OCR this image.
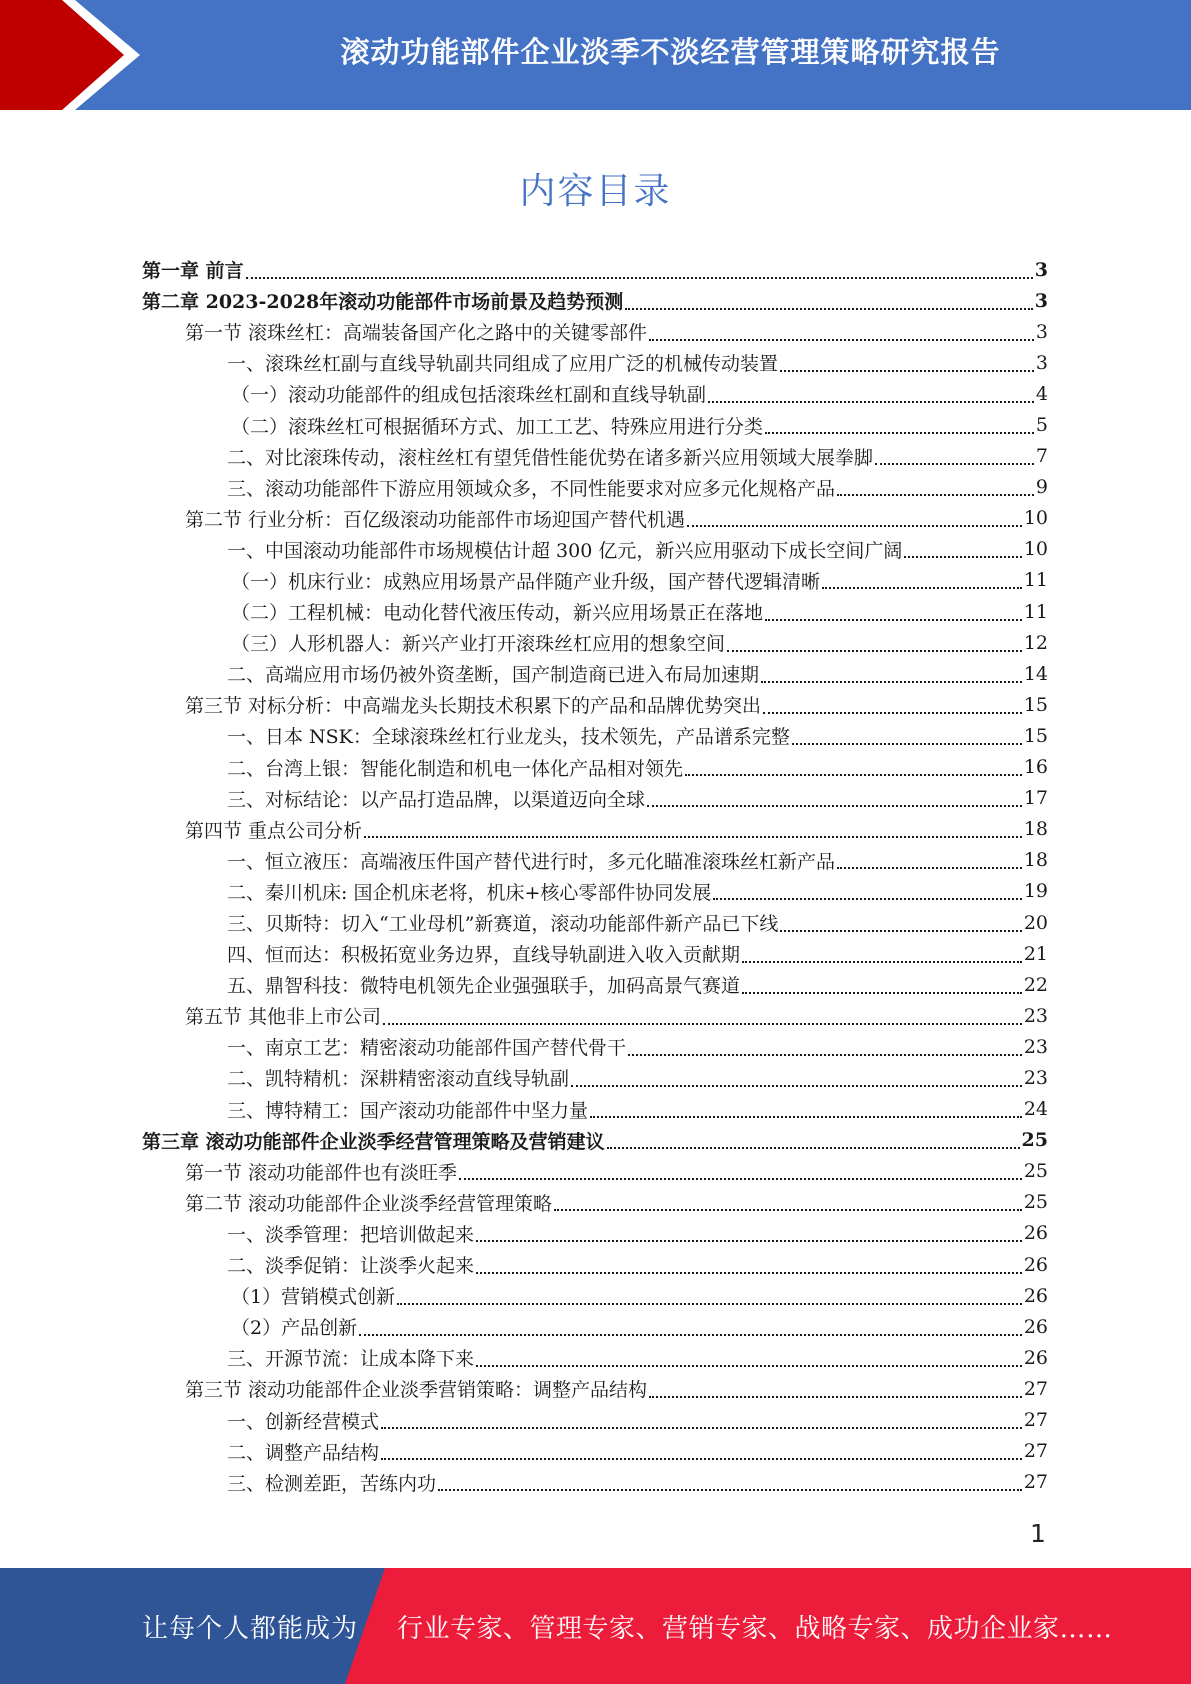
滚动功能部件企业淡季不淡经营管理策略研究报告
内容目录
第一章 前言	3
第二章 2023-2028年滚动功能部件市场前景及趋势预测	3
第一节 滚珠丝杠：高端装备国产化之路中的关键零部件	3
一、滚珠丝杠副与直线导轨副共同组成了应用广泛的机械传动装置	3
（一）滚动功能部件的组成包括滚珠丝杠副和直线导轨副	4
（二）滚珠丝杠可根据循环方式、加工工艺、特殊应用进行分类	5
二、对比滚珠传动，滚柱丝杠有望凭借性能优势在诸多新兴应用领域大展拳脚	7
三、滚动功能部件下游应用领域众多，不同性能要求对应多元化规格产品	9
第二节 行业分析：百亿级滚动功能部件市场迎国产替代机遇	10
一、中国滚动功能部件市场规模估计超 300 亿元，新兴应用驱动下成长空间广阔	10
（一）机床行业：成熟应用场景产品伴随产业升级，国产替代逻辑清晰	11
（二）工程机械：电动化替代液压传动，新兴应用场景正在落地	11
（三）人形机器人：新兴产业打开滚珠丝杠应用的想象空间	12
二、高端应用市场仍被外资垄断，国产制造商已进入布局加速期	14
第三节 对标分析：中高端龙头长期技术积累下的产品和品牌优势突出	15
一、日本 NSK：全球滚珠丝杠行业龙头，技术领先，产品谱系完整	15
二、台湾上银：智能化制造和机电一体化产品相对领先	16
三、对标结论：以产品打造品牌，以渠道迈向全球	17
第四节 重点公司分析	18
一、恒立液压：高端液压件国产替代进行时，多元化瞄准滚珠丝杠新产品	18
二、秦川机床: 国企机床老将，机床+核心零部件协同发展	19
三、贝斯特：切入“工业母机”新赛道，滚动功能部件新产品已下线	20
四、恒而达：积极拓宽业务边界，直线导轨副进入收入贡献期	21
五、鼎智科技：微特电机领先企业强强联手，加码高景气赛道	22
第五节 其他非上市公司	23
一、南京工艺：精密滚动功能部件国产替代骨干	23
二、凯特精机：深耕精密滚动直线导轨副	23
三、博特精工：国产滚动功能部件中坚力量	24
第三章 滚动功能部件企业淡季经营管理策略及营销建议	25
第一节 滚动功能部件也有淡旺季	25
第二节 滚动功能部件企业淡季经营管理策略	25
一、淡季管理：把培训做起来	26
二、淡季促销：让淡季火起来	26
（1）营销模式创新	26
（2）产品创新	26
三、开源节流：让成本降下来	26
第三节 滚动功能部件企业淡季营销策略：调整产品结构	27
一、创新经营模式	27
二、调整产品结构	27
三、检测差距，苦练内功	27
1
让每个人都能成为 行业专家、管理专家、营销专家、战略专家、成功企业家……
